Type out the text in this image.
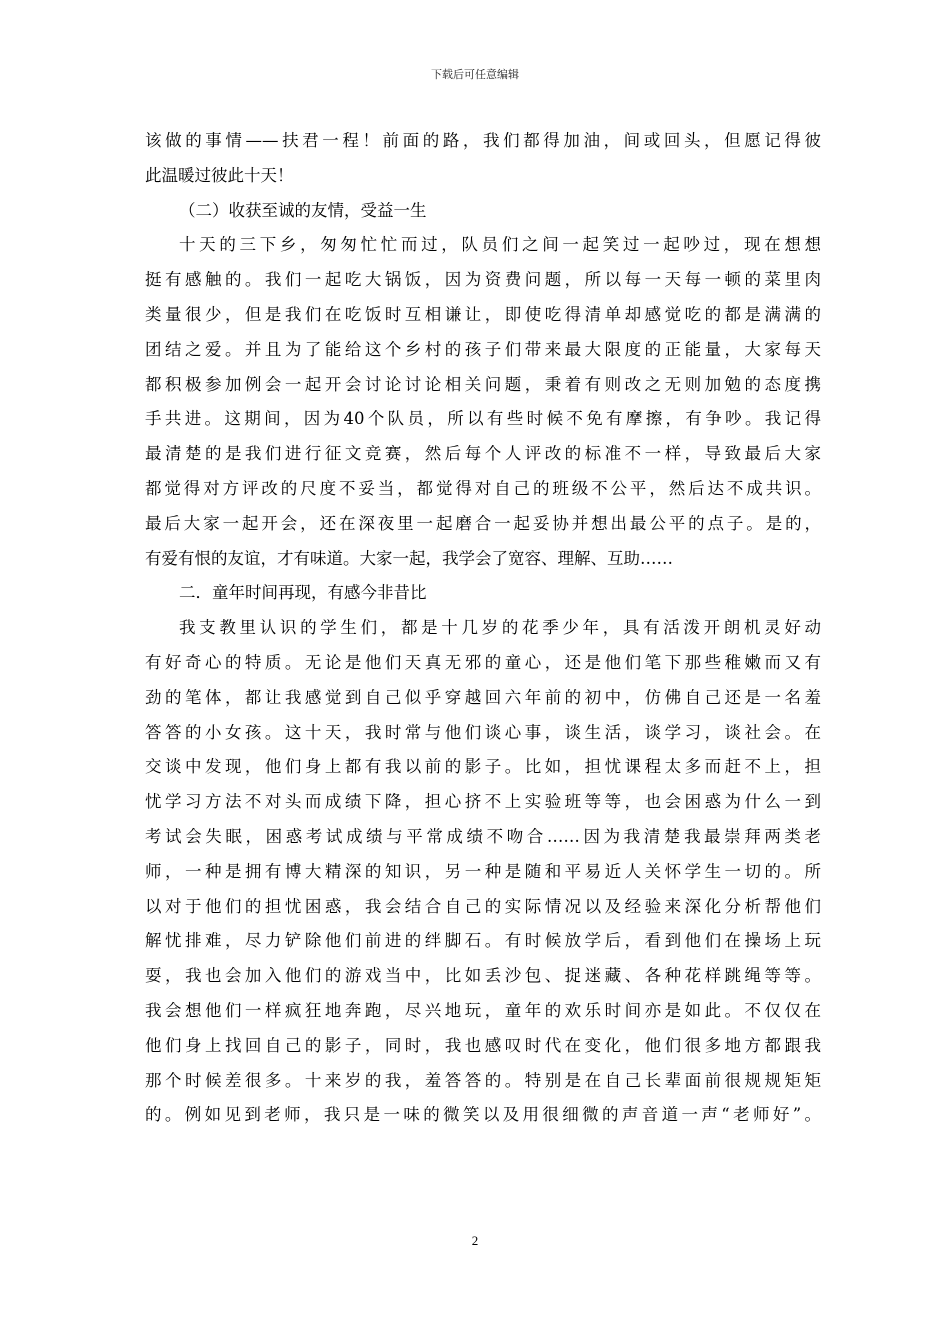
下载后可任意编辑
该做的事情——扶君一程！前面的路，我们都得加油，间或回头，但愿记得彼
此温暖过彼此十天！
（二）收获至诚的友情，受益一生
十天的三下乡，匆匆忙忙而过，队员们之间一起笑过一起吵过，现在想想
挺有感触的。我们一起吃大锅饭，因为资费问题，所以每一天每一顿的菜里肉
类量很少，但是我们在吃饭时互相谦让，即使吃得清单却感觉吃的都是满满的
团结之爱。并且为了能给这个乡村的孩子们带来最大限度的正能量，大家每天
都积极参加例会一起开会讨论讨论相关问题，秉着有则改之无则加勉的态度携
手共进。这期间，因为40个队员，所以有些时候不免有摩擦，有争吵。我记得
最清楚的是我们进行征文竞赛，然后每个人评改的标准不一样，导致最后大家
都觉得对方评改的尺度不妥当，都觉得对自己的班级不公平，然后达不成共识。
最后大家一起开会，还在深夜里一起磨合一起妥协并想出最公平的点子。是的，
有爱有恨的友谊，才有味道。大家一起，我学会了宽容、理解、互助……
二．童年时间再现，有感今非昔比
我支教里认识的学生们，都是十几岁的花季少年，具有活泼开朗机灵好动
有好奇心的特质。无论是他们天真无邪的童心，还是他们笔下那些稚嫩而又有
劲的笔体，都让我感觉到自己似乎穿越回六年前的初中，仿佛自己还是一名羞
答答的小女孩。这十天，我时常与他们谈心事，谈生活，谈学习，谈社会。在
交谈中发现，他们身上都有我以前的影子。比如，担忧课程太多而赶不上，担
忧学习方法不对头而成绩下降，担心挤不上实验班等等，也会困惑为什么一到
考试会失眠，困惑考试成绩与平常成绩不吻合……因为我清楚我最崇拜两类老
师，一种是拥有博大精深的知识，另一种是随和平易近人关怀学生一切的。所
以对于他们的担忧困惑，我会结合自己的实际情况以及经验来深化分析帮他们
解忧排难，尽力铲除他们前进的绊脚石。有时候放学后，看到他们在操场上玩
耍，我也会加入他们的游戏当中，比如丢沙包、捉迷藏、各种花样跳绳等等。
我会想他们一样疯狂地奔跑，尽兴地玩，童年的欢乐时间亦是如此。不仅仅在
他们身上找回自己的影子，同时，我也感叹时代在变化，他们很多地方都跟我
那个时候差很多。十来岁的我，羞答答的。特别是在自己长辈面前很规规矩矩
的。例如见到老师，我只是一味的微笑以及用很细微的声音道一声“老师好”。
2
